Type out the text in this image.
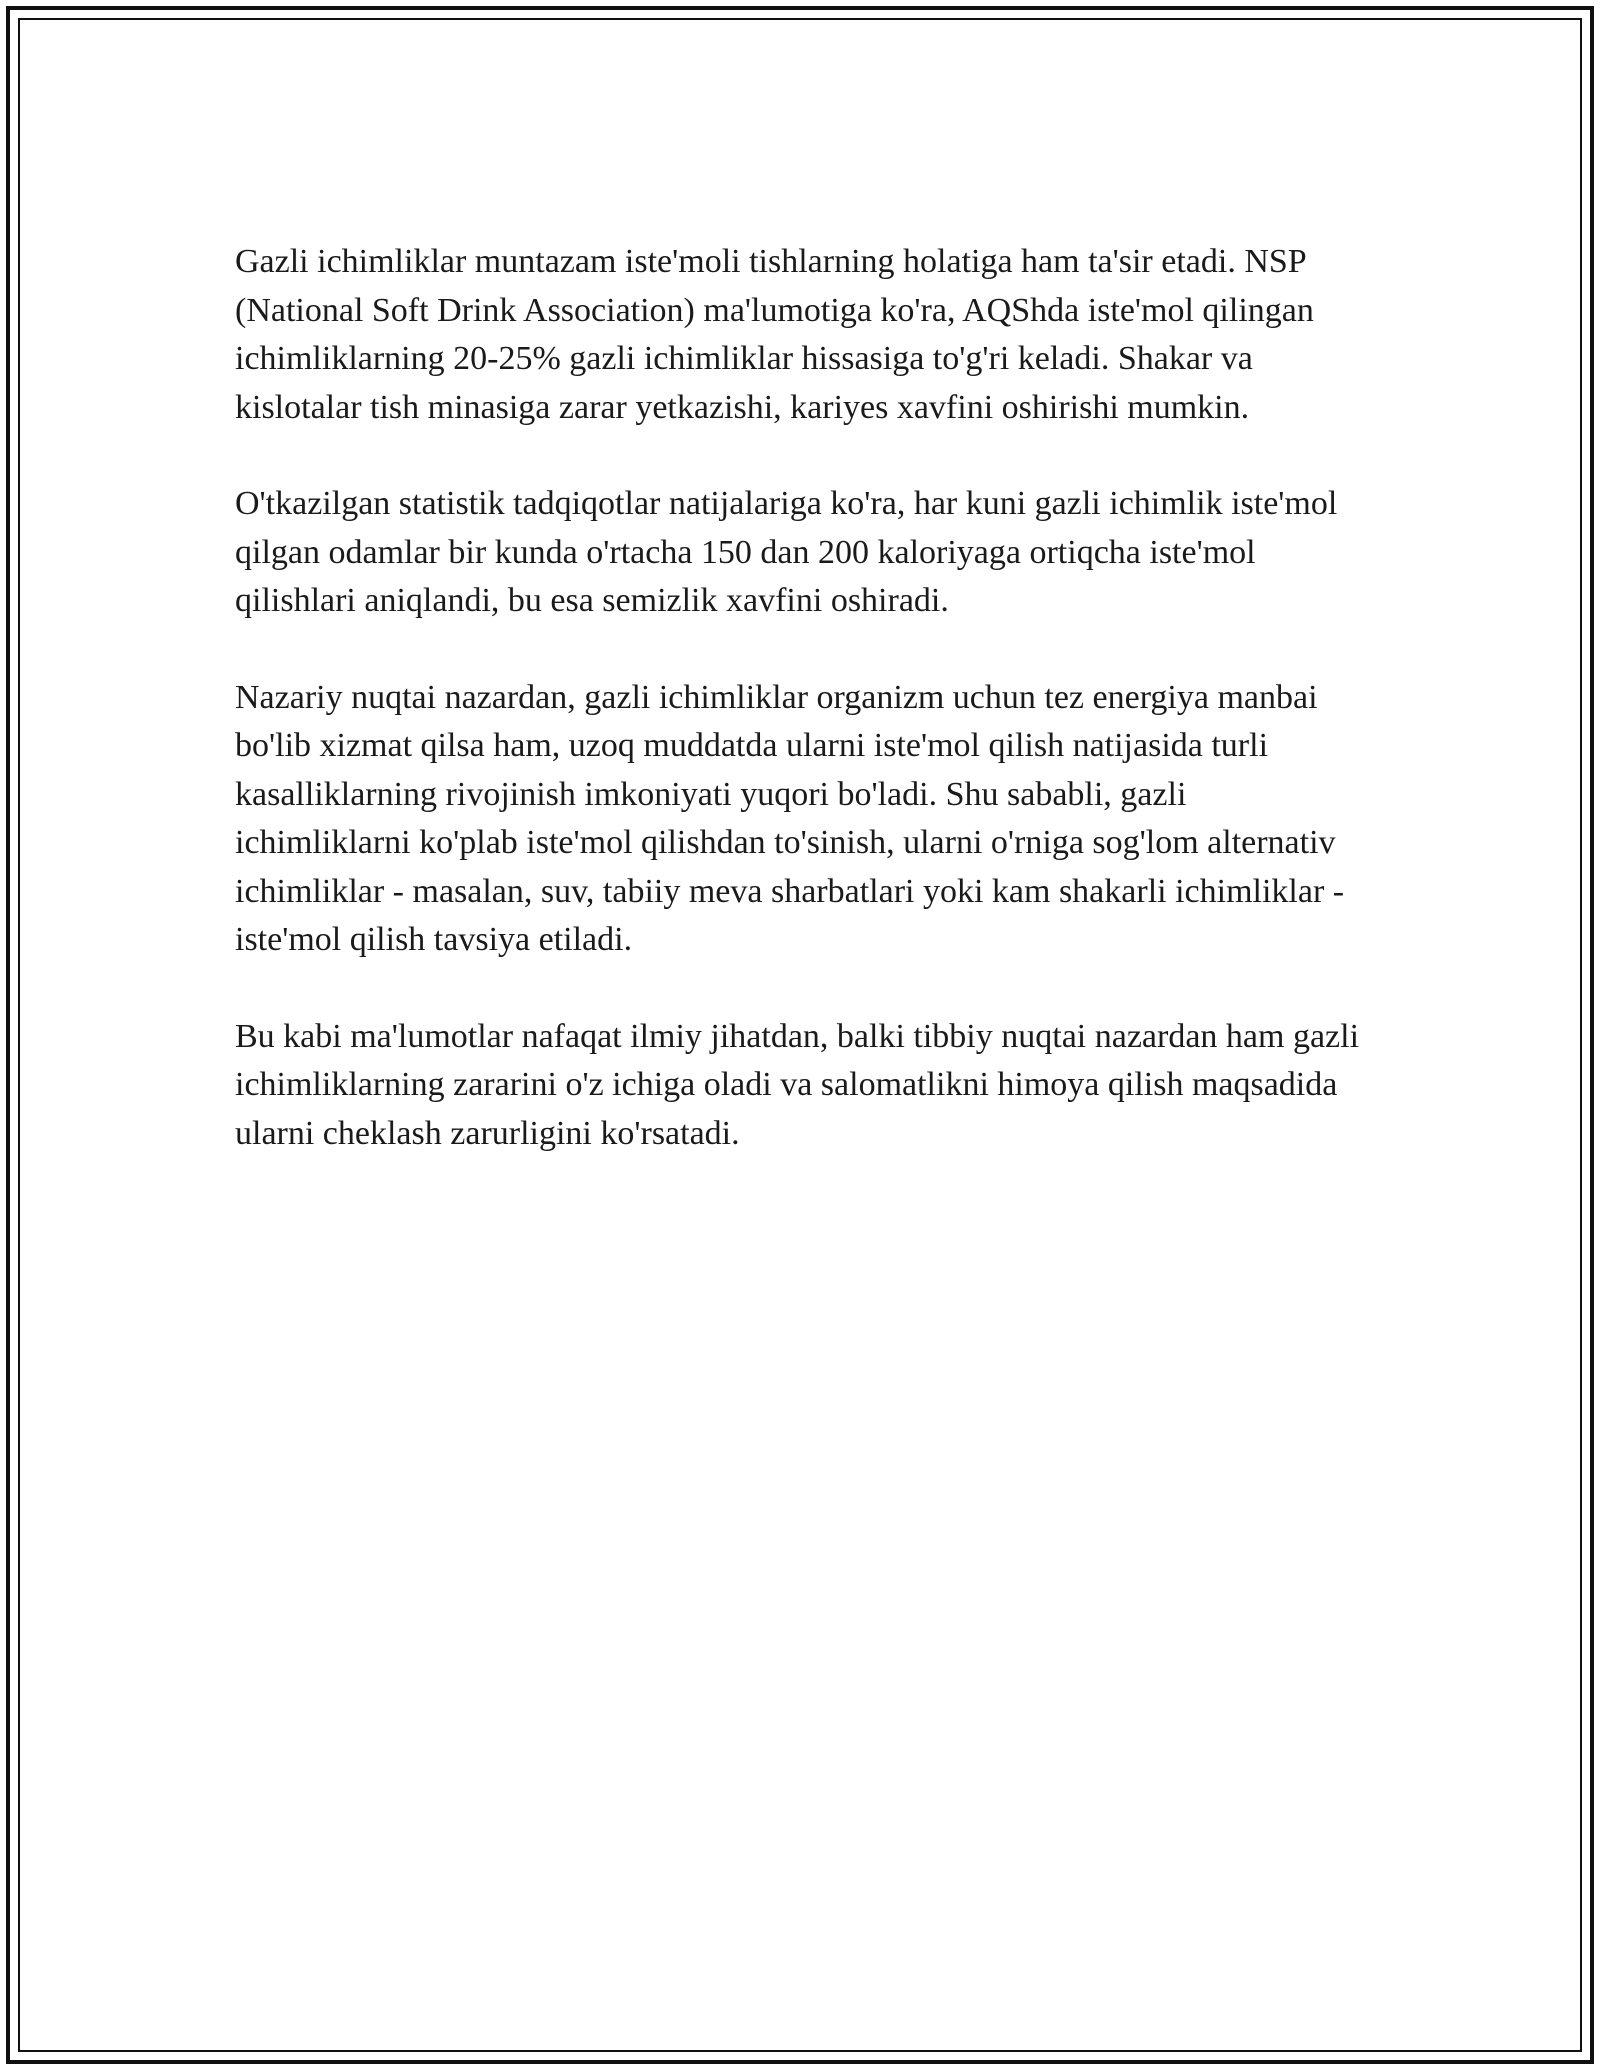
Gazli ichimliklar muntazam iste'moli tishlarning holatiga ham ta'sir etadi. NSP (National Soft Drink Association) ma'lumotiga ko'ra, AQShda iste'mol qilingan ichimliklarning 20-25% gazli ichimliklar hissasiga to'g'ri keladi. Shakar va kislotalar tish minasiga zarar yetkazishi, kariyes xavfini oshirishi mumkin.

O'tkazilgan statistik tadqiqotlar natijalariga ko'ra, har kuni gazli ichimlik iste'mol qilgan odamlar bir kunda o'rtacha 150 dan 200 kaloriyaga ortiqcha iste'mol qilishlari aniqlandi, bu esa semizlik xavfini oshiradi.

Nazariy nuqtai nazardan, gazli ichimliklar organizm uchun tez energiya manbai bo'lib xizmat qilsa ham, uzoq muddatda ularni iste'mol qilish natijasida turli kasalliklarning rivojinish imkoniyati yuqori bo'ladi. Shu sababli, gazli ichimliklarni ko'plab iste'mol qilishdan to'sinish, ularni o'rniga sog'lom alternativ ichimliklar - masalan, suv, tabiiy meva sharbatlari yoki kam shakarli ichimliklar - iste'mol qilish tavsiya etiladi.

Bu kabi ma'lumotlar nafaqat ilmiy jihatdan, balki tibbiy nuqtai nazardan ham gazli ichimliklarning zararini o'z ichiga oladi va salomatlikni himoya qilish maqsadida ularni cheklash zarurligini ko'rsatadi.
